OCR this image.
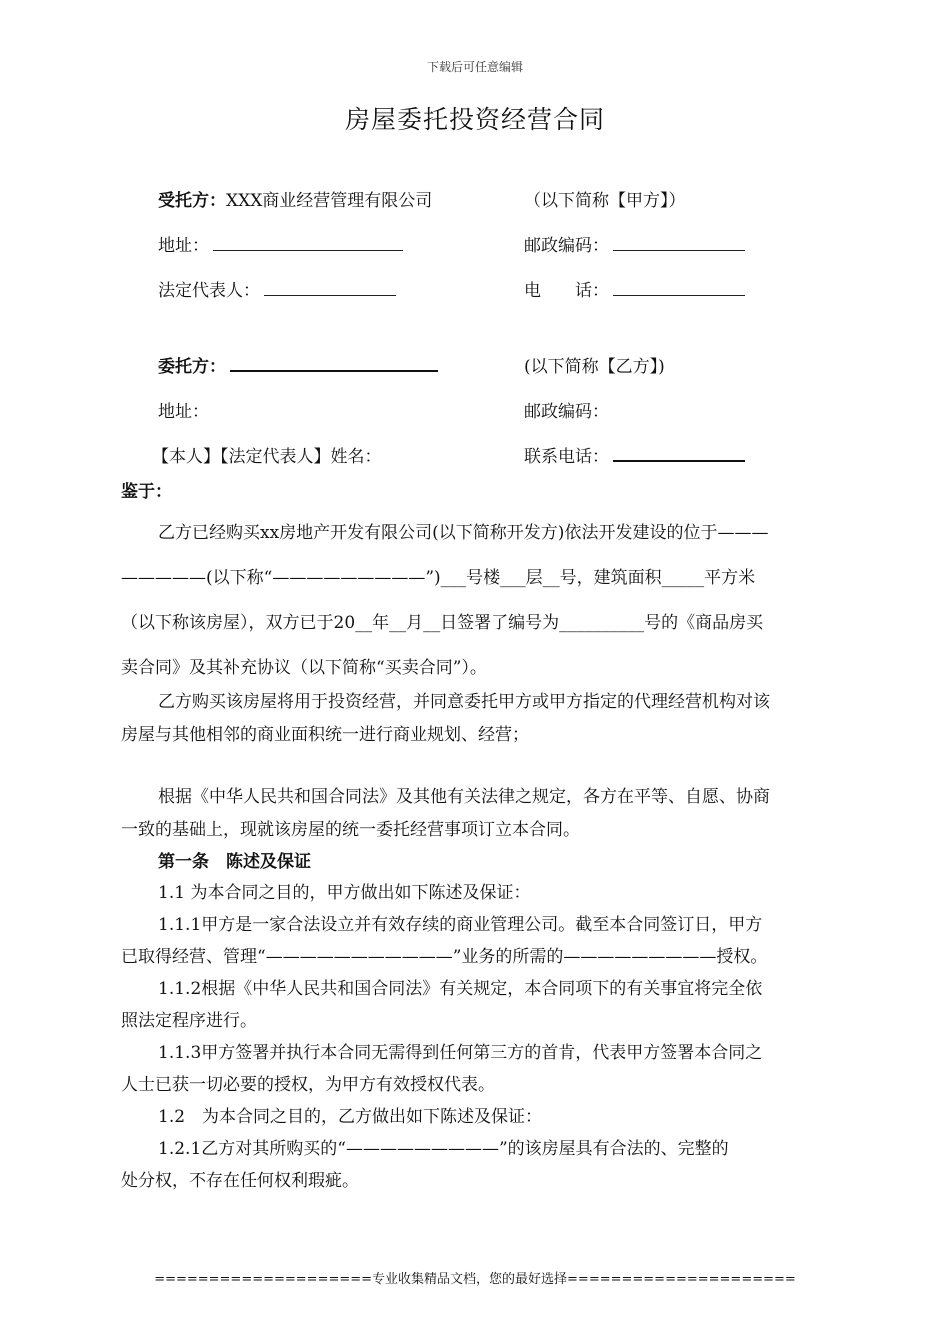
下载后可任意编辑
房屋委托投资经营合同
受托方：XXX商业经营管理有限公司	（以下简称【甲方】）
地址：	邮政编码：
法定代表人：	电　　话：
委托方：	(以下简称【乙方】)
地址：	邮政编码：
【本人】【法定代表人】姓名：	联系电话：
鉴于：
乙方已经购买xx房地产开发有限公司(以下简称开发方)依法开发建设的位于———
—————(以下称“—————————”)___号楼___层__号，建筑面积_____平方米
（以下称该房屋），双方已于20__年__月__日签署了编号为__________号的《商品房买
卖合同》及其补充协议（以下简称“买卖合同”）。
乙方购买该房屋将用于投资经营，并同意委托甲方或甲方指定的代理经营机构对该
房屋与其他相邻的商业面积统一进行商业规划、经营；
根据《中华人民共和国合同法》及其他有关法律之规定，各方在平等、自愿、协商
一致的基础上，现就该房屋的统一委托经营事项订立本合同。
第一条　陈述及保证
1.1 为本合同之目的，甲方做出如下陈述及保证：
1.1.1甲方是一家合法设立并有效存续的商业管理公司。截至本合同签订日，甲方
已取得经营、管理“———————————”业务的所需的—————————授权。
1.1.2根据《中华人民共和国合同法》有关规定，本合同项下的有关事宜将完全依
照法定程序进行。
1.1.3甲方签署并执行本合同无需得到任何第三方的首肯，代表甲方签署本合同之
人士已获一切必要的授权，为甲方有效授权代表。
1.2　为本合同之目的，乙方做出如下陈述及保证：
1.2.1乙方对其所购买的“—————————”的该房屋具有合法的、完整的
处分权，不存在任何权利瑕疵。
====================专业收集精品文档，您的最好选择=====================
